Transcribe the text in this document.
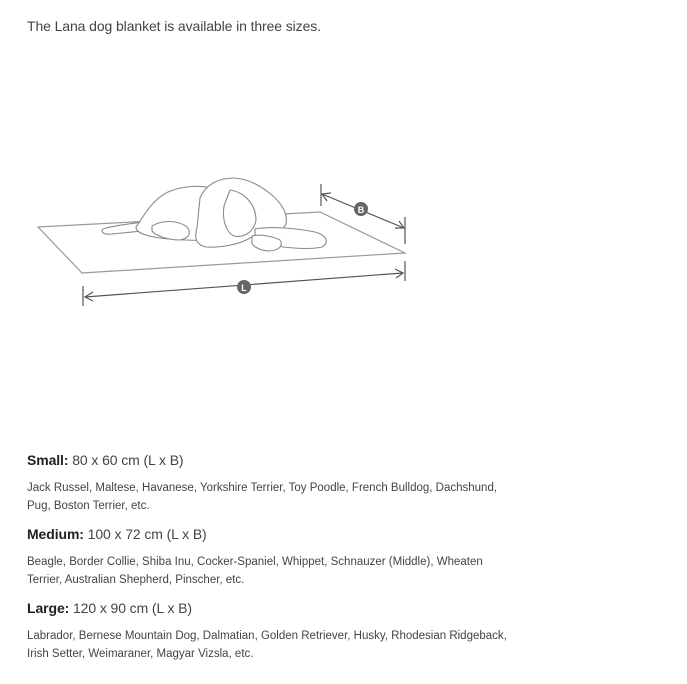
The Lana dog blanket is available in three sizes.

L
B

Small: 80 x 60 cm (L x B)

Jack Russel, Maltese, Havanese, Yorkshire Terrier, Toy Poodle, French Bulldog, Dachshund, Pug, Boston Terrier, etc.

Medium: 100 x 72 cm (L x B)

Beagle, Border Collie, Shiba Inu, Cocker-Spaniel, Whippet, Schnauzer (Middle), Wheaten Terrier, Australian Shepherd, Pinscher, etc.

Large: 120 x 90 cm (L x B)

Labrador, Bernese Mountain Dog, Dalmatian, Golden Retriever, Husky, Rhodesian Ridgeback, Irish Setter, Weimaraner, Magyar Vizsla, etc.
